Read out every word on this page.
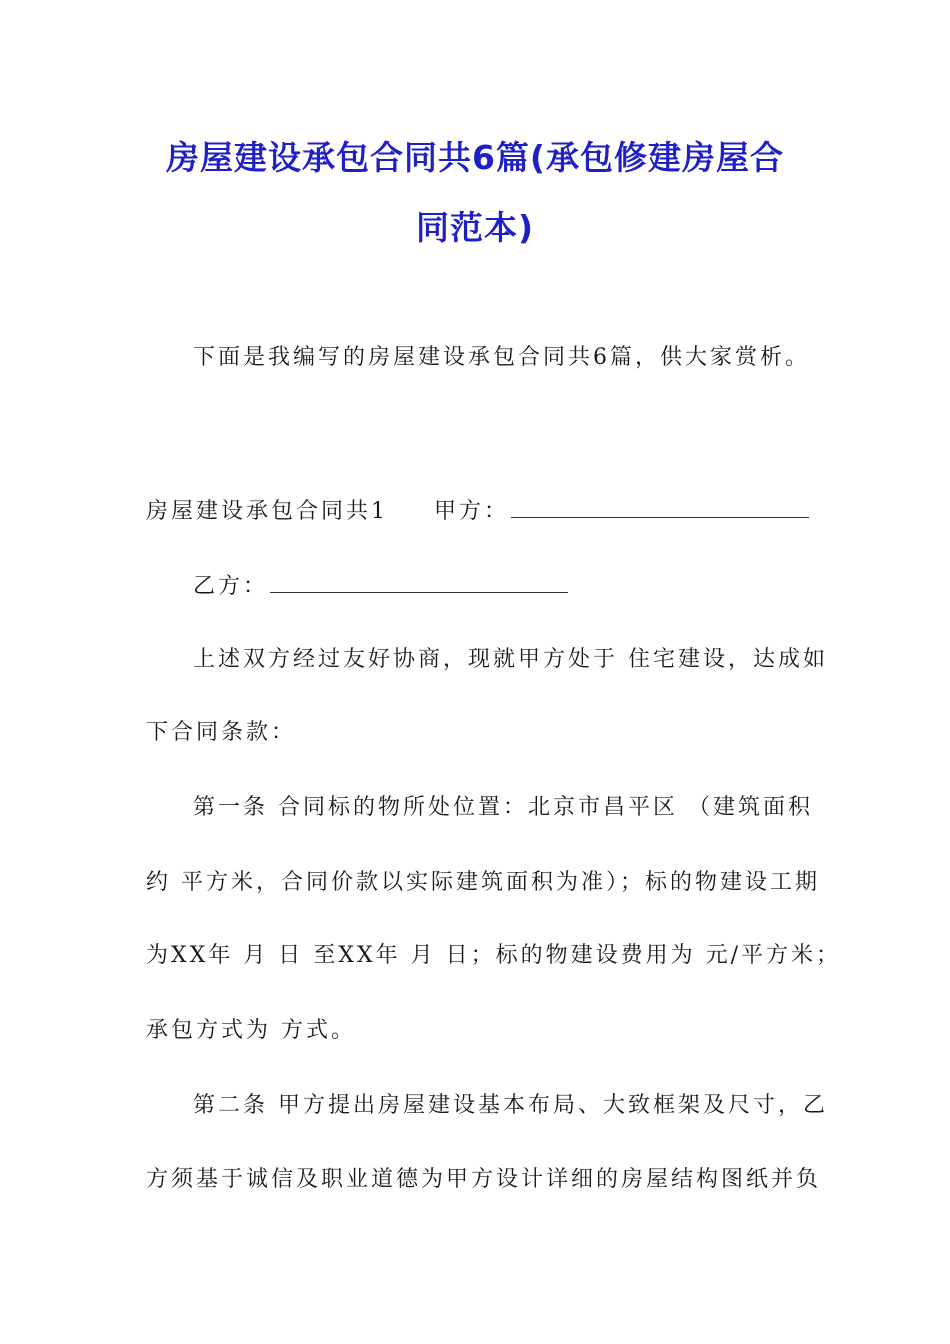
房屋建设承包合同共6篇(承包修建房屋合
同范本)
下面是我编写的房屋建设承包合同共6篇，供大家赏析。
房屋建设承包合同共1 甲方：
乙方：
上述双方经过友好协商，现就甲方处于 住宅建设，达成如
下合同条款：
第一条 合同标的物所处位置：北京市昌平区 （建筑面积
约 平方米，合同价款以实际建筑面积为准）；标的物建设工期
为XX年 月 日 至XX年 月 日；标的物建设费用为 元/平方米；
承包方式为 方式。
第二条 甲方提出房屋建设基本布局、大致框架及尺寸，乙
方须基于诚信及职业道德为甲方设计详细的房屋结构图纸并负
